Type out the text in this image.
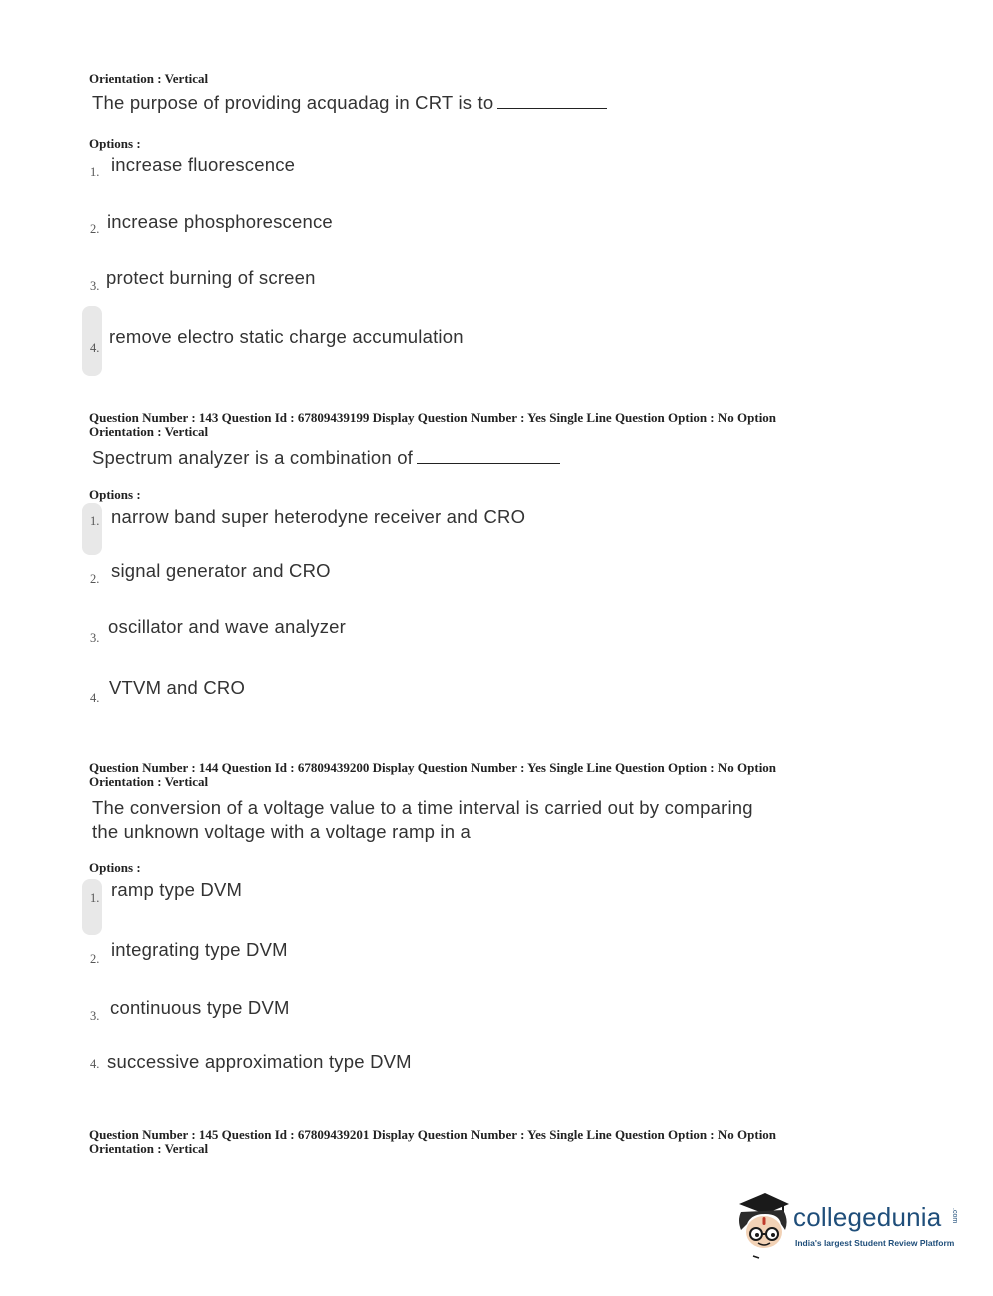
Orientation : Vertical
The purpose of providing acquadag in CRT is to
Options :
1. increase fluorescence
2. increase phosphorescence
3. protect burning of screen
4.
remove electro static charge accumulation
Question Number : 143 Question Id : 67809439199 Display Question Number : Yes Single Line Question Option : No Option
Orientation : Vertical
Spectrum analyzer is a combination of
Options :
1. narrow band super heterodyne receiver and CRO
2. signal generator and CRO
3.
oscillator and wave analyzer
4. VTVM and CRO
Question Number : 144 Question Id : 67809439200 Display Question Number : Yes Single Line Question Option : No Option
Orientation : Vertical
The conversion of a voltage value to a time interval is carried out by comparing
the unknown voltage with a voltage ramp in a
Options :
1. ramp type DVM
2. integrating type DVM
3. continuous type DVM
4. successive approximation type DVM
Question Number : 145 Question Id : 67809439201 Display Question Number : Yes Single Line Question Option : No Option
Orientation : Vertical
collegedunia .com
India's largest Student Review Platform
